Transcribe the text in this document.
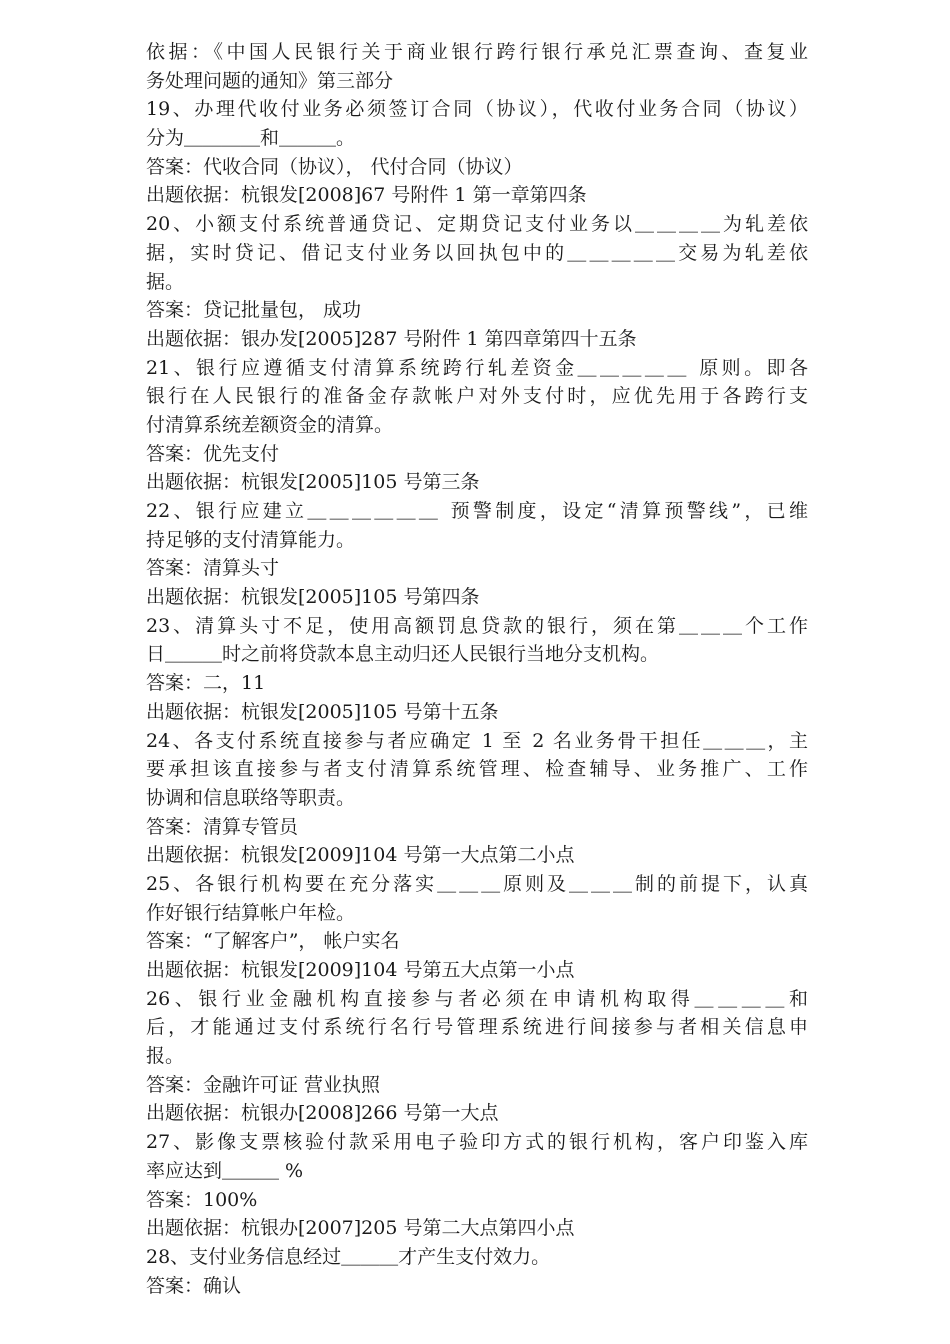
依据：《中国人民银行关于商业银行跨行银行承兑汇票查询、查复业
务处理问题的通知》第三部分
19、办理代收付业务必须签订合同（协议），代收付业务合同（协议）
分为＿＿＿＿和＿＿＿。
答案：代收合同（协议）， 代付合同（协议）
出题依据：杭银发[2008]67 号附件 1 第一章第四条
20、小额支付系统普通贷记、定期贷记支付业务以＿＿＿＿为轧差依
据，实时贷记、借记支付业务以回执包中的＿＿＿＿＿交易为轧差依
据。
答案：贷记批量包， 成功
出题依据：银办发[2005]287 号附件 1 第四章第四十五条
21、银行应遵循支付清算系统跨行轧差资金＿＿＿＿＿ 原则。即各
银行在人民银行的准备金存款帐户对外支付时，应优先用于各跨行支
付清算系统差额资金的清算。
答案：优先支付
出题依据：杭银发[2005]105 号第三条
22、银行应建立＿＿＿＿＿＿ 预警制度，设定“清算预警线”，已维
持足够的支付清算能力。
答案：清算头寸
出题依据：杭银发[2005]105 号第四条
23、清算头寸不足，使用高额罚息贷款的银行，须在第＿＿＿个工作
日＿＿＿时之前将贷款本息主动归还人民银行当地分支机构。
答案：二，11
出题依据：杭银发[2005]105 号第十五条
24、各支付系统直接参与者应确定 1 至 2 名业务骨干担任＿＿＿，主
要承担该直接参与者支付清算系统管理、检查辅导、业务推广、工作
协调和信息联络等职责。
答案：清算专管员
出题依据：杭银发[2009]104 号第一大点第二小点
25、各银行机构要在充分落实＿＿＿原则及＿＿＿制的前提下，认真
作好银行结算帐户年检。
答案：“了解客户”， 帐户实名
出题依据：杭银发[2009]104 号第五大点第一小点
26、银行业金融机构直接参与者必须在申请机构取得＿＿＿＿和
后，才能通过支付系统行名行号管理系统进行间接参与者相关信息申
报。
答案：金融许可证 营业执照
出题依据：杭银办[2008]266 号第一大点
27、影像支票核验付款采用电子验印方式的银行机构，客户印鉴入库
率应达到＿＿＿ %
答案：100%
出题依据：杭银办[2007]205 号第二大点第四小点
28、支付业务信息经过＿＿＿才产生支付效力。
答案：确认
